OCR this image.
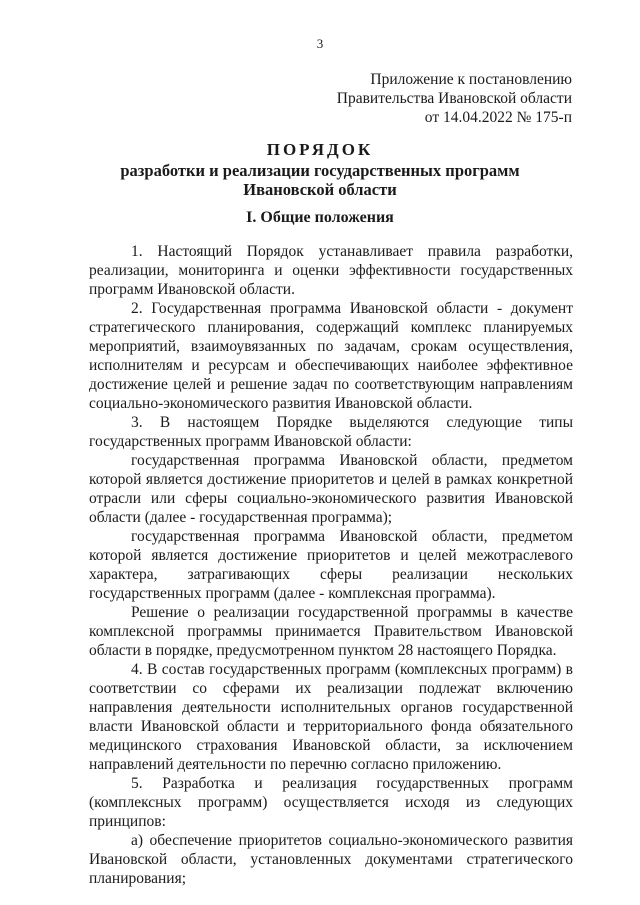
3
Приложение к постановлению
Правительства Ивановской области
от 14.04.2022 № 175-п
ПОРЯДОК
разработки и реализации государственных программ
Ивановской области
I. Общие положения

1. Настоящий Порядок устанавливает правила разработки, реализации, мониторинга и оценки эффективности государственных программ Ивановской области.

2. Государственная программа Ивановской области - документ стратегического планирования, содержащий комплекс планируемых мероприятий, взаимоувязанных по задачам, срокам осуществления, исполнителям и ресурсам и обеспечивающих наиболее эффективное достижение целей и решение задач по соответствующим направлениям социально-экономического развития Ивановской области.

3. В настоящем Порядке выделяются следующие типы государственных программ Ивановской области:

государственная программа Ивановской области, предметом которой является достижение приоритетов и целей в рамках конкретной отрасли или сферы социально-экономического развития Ивановской области (далее - государственная программа);

государственная программа Ивановской области, предметом которой является достижение приоритетов и целей межотраслевого характера, затрагивающих сферы реализации нескольких государственных программ (далее - комплексная программа).

Решение о реализации государственной программы в качестве комплексной программы принимается Правительством Ивановской области в порядке, предусмотренном пунктом 28 настоящего Порядка.

4. В состав государственных программ (комплексных программ) в соответствии со сферами их реализации подлежат включению направления деятельности исполнительных органов государственной власти Ивановской области и территориального фонда обязательного медицинского страхования Ивановской области, за исключением направлений деятельности по перечню согласно приложению.

5. Разработка и реализация государственных программ (комплексных программ) осуществляется исходя из следующих принципов:

а) обеспечение приоритетов социально-экономического развития Ивановской области, установленных документами стратегического планирования;
